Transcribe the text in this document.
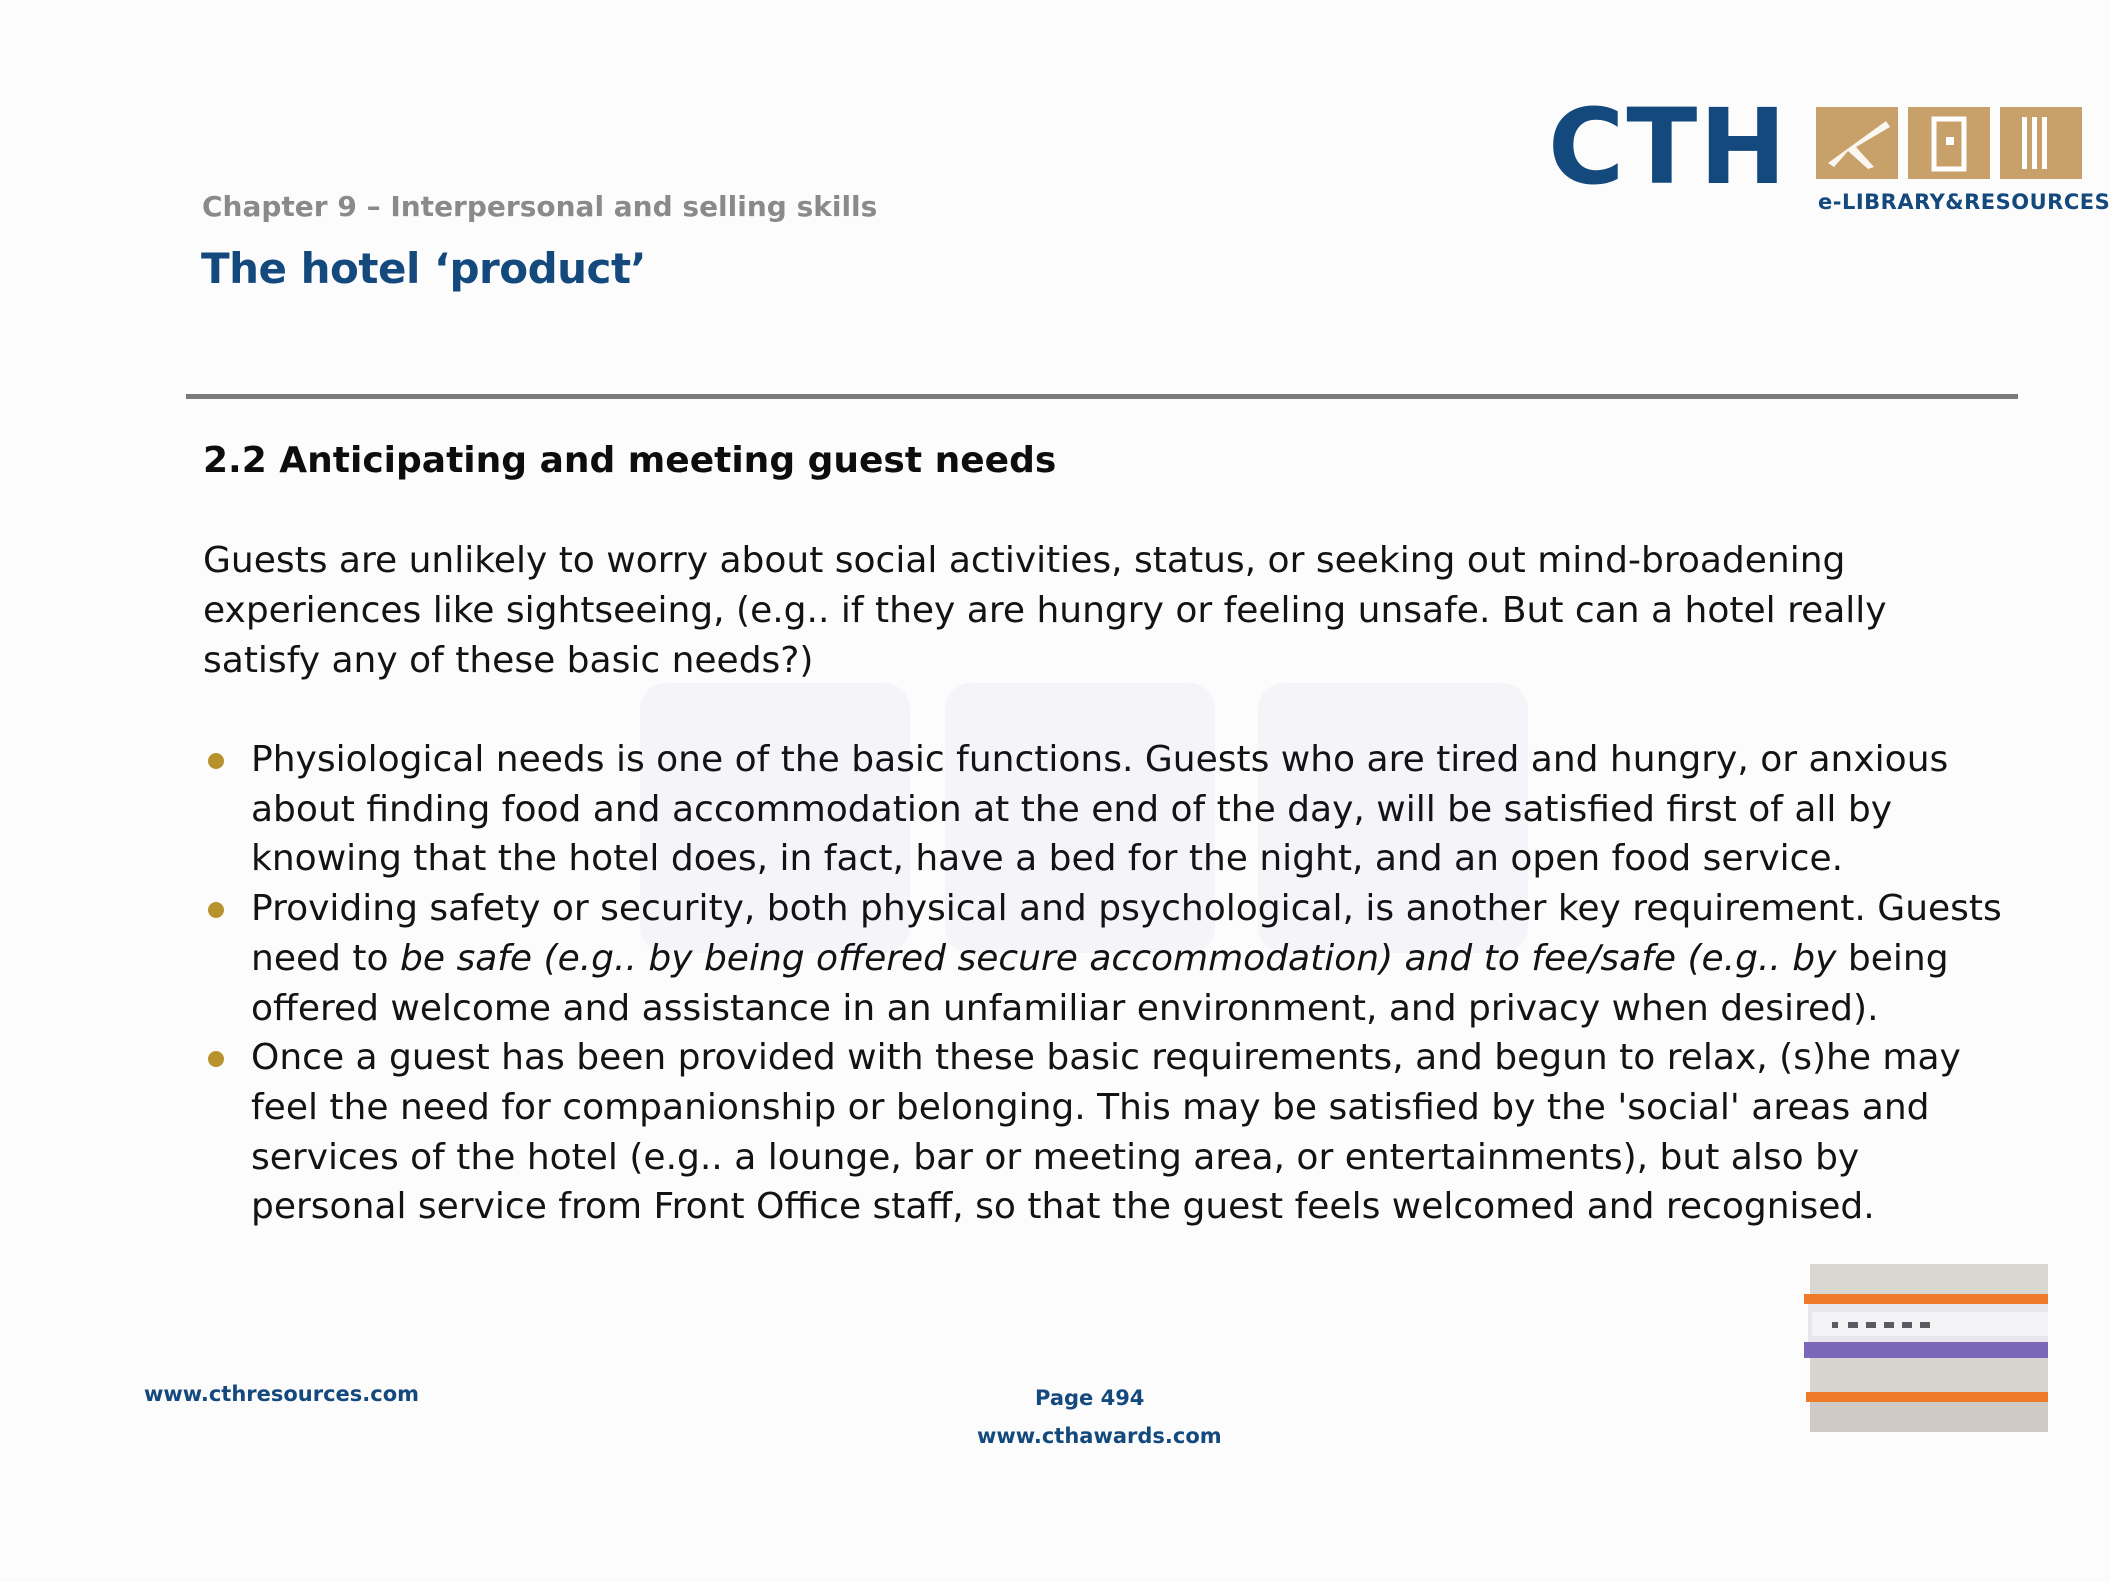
CTH e-LIBRARY&RESOURCES
Chapter 9 – Interpersonal and selling skills
The hotel ‘product’
2.2 Anticipating and meeting guest needs
Guests are unlikely to worry about social activities, status, or seeking out mind-broadening experiences like sightseeing, (e.g.. if they are hungry or feeling unsafe. But can a hotel really satisfy any of these basic needs?)
Physiological needs is one of the basic functions. Guests who are tired and hungry, or anxious about finding food and accommodation at the end of the day, will be satisfied first of all by knowing that the hotel does, in fact, have a bed for the night, and an open food service.
Providing safety or security, both physical and psychological, is another key requirement. Guests need to be safe (e.g.. by being offered secure accommodation) and to fee/safe (e.g.. by being offered welcome and assistance in an unfamiliar environment, and privacy when desired).
Once a guest has been provided with these basic requirements, and begun to relax, (s)he may feel the need for companionship or belonging. This may be satisfied by the 'social' areas and services of the hotel (e.g.. a lounge, bar or meeting area, or entertainments), but also by personal service from Front Office staff, so that the guest feels welcomed and recognised.
www.cthresources.com	Page 494
www.cthawards.com
